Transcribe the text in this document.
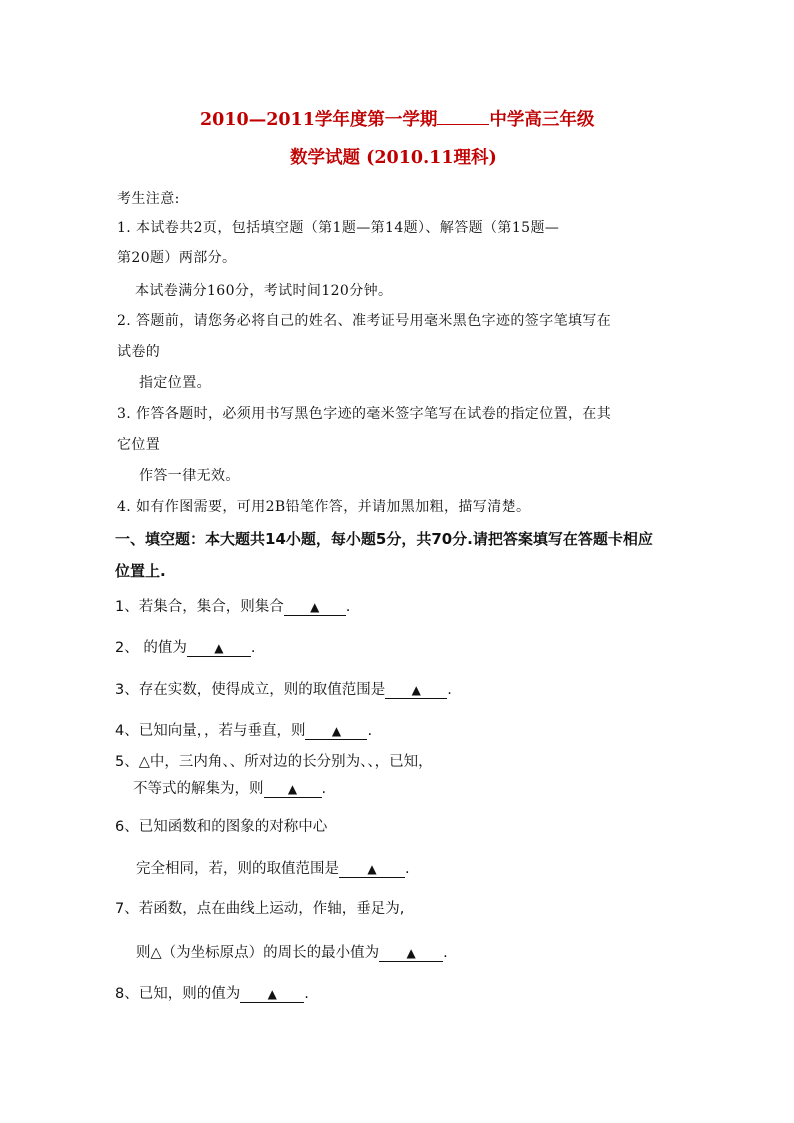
2010—2011学年度第一学期	中学高三年级
数学试题 (2010.11理科)
考生注意:
1. 本试卷共2页，包括填空题（第1题—第14题）、解答题（第15题—
第20题）两部分。
本试卷满分160分，考试时间120分钟。
2. 答题前，请您务必将自己的姓名、准考证号用毫米黑色字迹的签字笔填写在
试卷的
指定位置。
3. 作答各题时，必须用书写黑色字迹的毫米签字笔写在试卷的指定位置，在其
它位置
作答一律无效。
4. 如有作图需要，可用2B铅笔作答，并请加黑加粗，描写清楚。
一、填空题：本大题共14小题，每小题5分，共70分.请把答案填写在答题卡相应
位置上.
1、若集合，集合，则集合 ▲ .
2、 的值为 ▲ .
3、存在实数，使得成立，则的取值范围是 ▲ .
4、已知向量，，若与垂直，则 ▲ .
5、△中，三内角、、所对边的长分别为、、，已知，
不等式的解集为，则 ▲ .
6、已知函数和的图象的对称中心
完全相同，若，则的取值范围是 ▲ .
7、若函数，点在曲线上运动，作轴，垂足为,
则△（为坐标原点）的周长的最小值为 ▲ .
8、已知，则的值为 ▲ .
